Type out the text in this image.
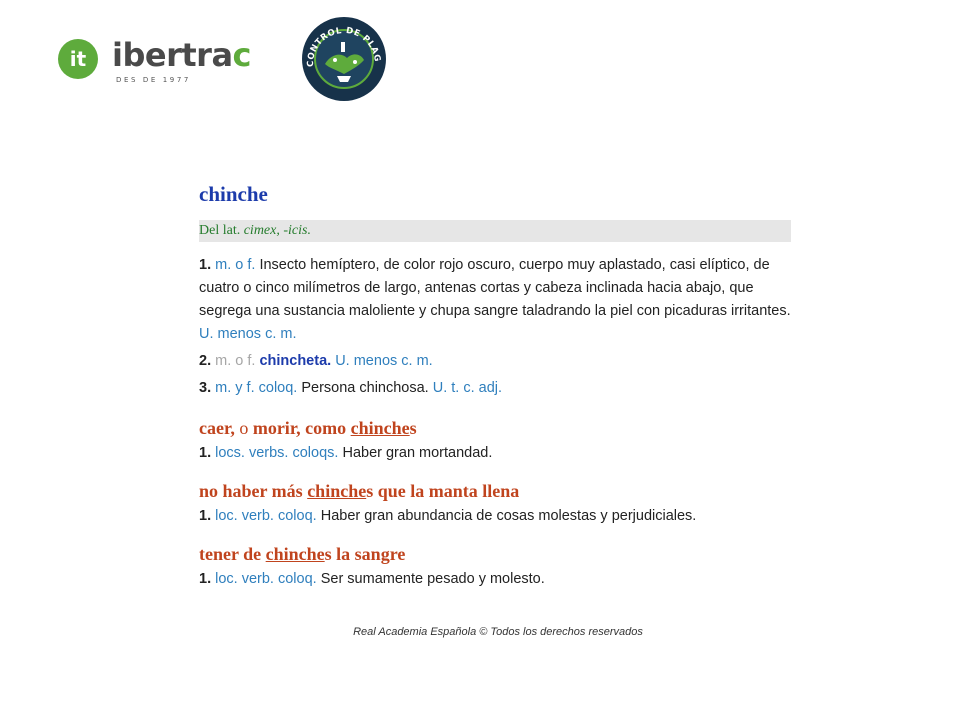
it ibertrac
DES DE 1977
CONTROL DE PLAG
chinche
Del lat. cimex, -icis.
1. m. o f. Insecto hemíptero, de color rojo oscuro, cuerpo muy aplastado, casi elíptico, de cuatro o cinco milímetros de largo, antenas cortas y cabeza inclinada hacia abajo, que segrega una sustancia maloliente y chupa sangre taladrando la piel con picaduras irritantes. U. menos c. m.
2. m. o f. chincheta. U. menos c. m.
3. m. y f. coloq. Persona chinchosa. U. t. c. adj.
caer, o morir, como chinches
1. locs. verbs. coloqs. Haber gran mortandad.
no haber más chinches que la manta llena
1. loc. verb. coloq. Haber gran abundancia de cosas molestas y perjudiciales.
tener de chinches la sangre
1. loc. verb. coloq. Ser sumamente pesado y molesto.
Real Academia Española © Todos los derechos reservados
